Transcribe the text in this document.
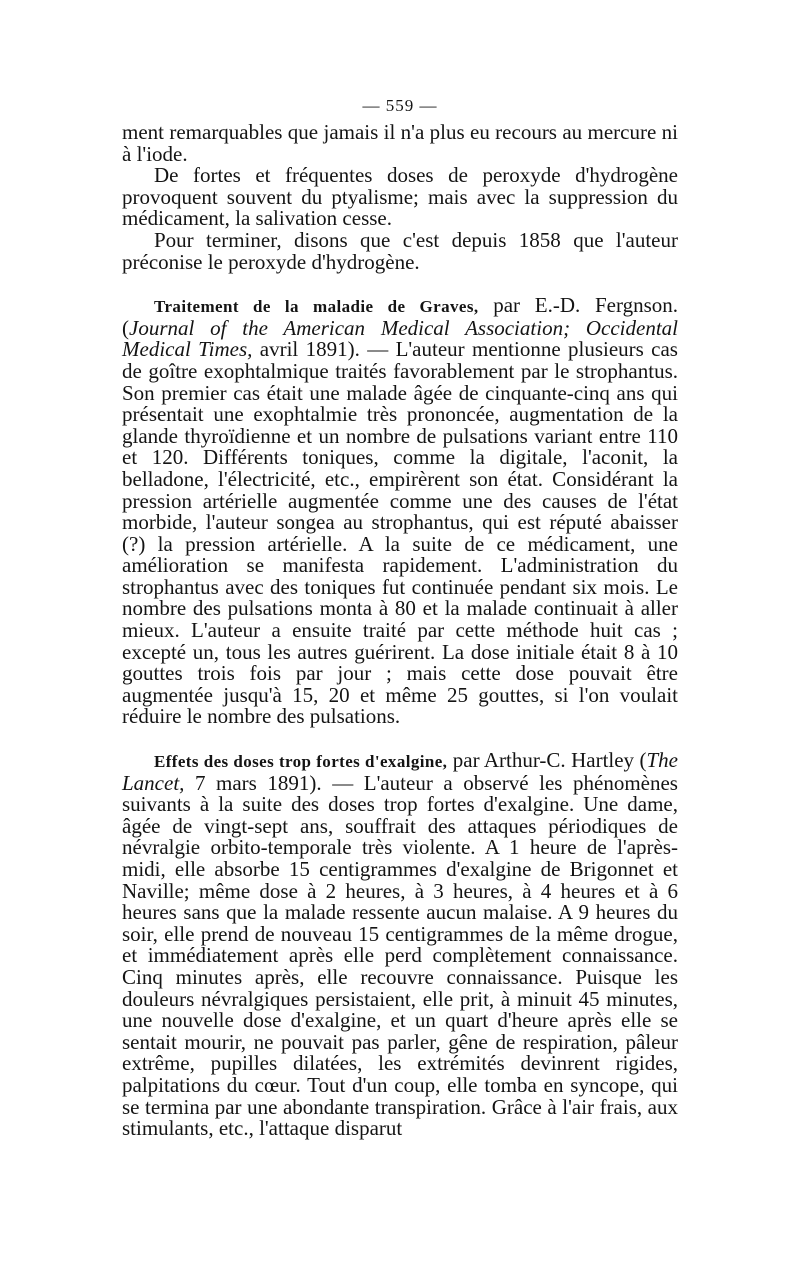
— 559 —

ment remarquables que jamais il n'a plus eu recours au mercure ni à l'iode.

De fortes et fréquentes doses de peroxyde d'hydrogène provoquent souvent du ptyalisme; mais avec la suppression du médicament, la salivation cesse.

Pour terminer, disons que c'est depuis 1858 que l'auteur préconise le peroxyde d'hydrogène.

Traitement de la maladie de Graves, par E.-D. Fergnson. (Journal of the American Medical Association; Occidental Medical Times, avril 1891). — L'auteur mentionne plusieurs cas de goître exophtalmique traités favorablement par le strophantus. Son premier cas était une malade âgée de cinquante-cinq ans qui présentait une exophtalmie très prononcée, augmentation de la glande thyroïdienne et un nombre de pulsations variant entre 110 et 120. Différents toniques, comme la digitale, l'aconit, la belladone, l'électricité, etc., empirèrent son état. Considérant la pression artérielle augmentée comme une des causes de l'état morbide, l'auteur songea au strophantus, qui est réputé abaisser (?) la pression artérielle. A la suite de ce médicament, une amélioration se manifesta rapidement. L'administration du strophantus avec des toniques fut continuée pendant six mois. Le nombre des pulsations monta à 80 et la malade continuait à aller mieux. L'auteur a ensuite traité par cette méthode huit cas ; excepté un, tous les autres guérirent. La dose initiale était 8 à 10 gouttes trois fois par jour ; mais cette dose pouvait être augmentée jusqu'à 15, 20 et même 25 gouttes, si l'on voulait réduire le nombre des pulsations.

Effets des doses trop fortes d'exalgine, par Arthur-C. Hartley (The Lancet, 7 mars 1891). — L'auteur a observé les phénomènes suivants à la suite des doses trop fortes d'exalgine. Une dame, âgée de vingt-sept ans, souffrait des attaques périodiques de névralgie orbito-temporale très violente. A 1 heure de l'après-midi, elle absorbe 15 centigrammes d'exalgine de Brigonnet et Naville; même dose à 2 heures, à 3 heures, à 4 heures et à 6 heures sans que la malade ressente aucun malaise. A 9 heures du soir, elle prend de nouveau 15 centigrammes de la même drogue, et immédiatement après elle perd complètement connaissance. Cinq minutes après, elle recouvre connaissance. Puisque les douleurs névralgiques persistaient, elle prit, à minuit 45 minutes, une nouvelle dose d'exalgine, et un quart d'heure après elle se sentait mourir, ne pouvait pas parler, gêne de respiration, pâleur extrême, pupilles dilatées, les extrémités devinrent rigides, palpitations du cœur. Tout d'un coup, elle tomba en syncope, qui se termina par une abondante transpiration. Grâce à l'air frais, aux stimulants, etc., l'attaque disparut
